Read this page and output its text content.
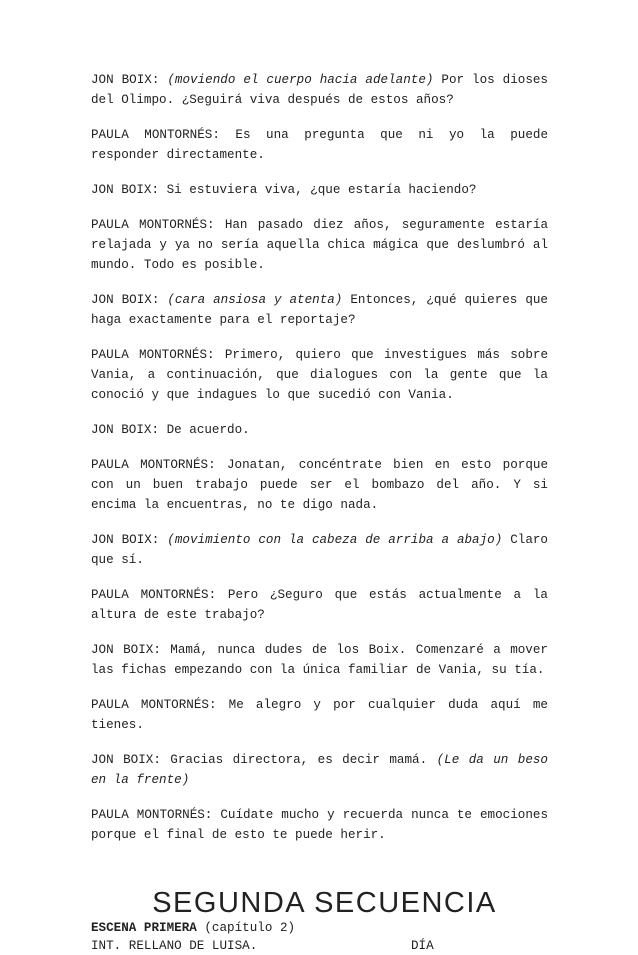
JON BOIX: (moviendo el cuerpo hacia adelante) Por los dioses del Olimpo. ¿Seguirá viva después de estos años?

PAULA MONTORNÉS: Es una pregunta que ni yo la puede responder directamente.

JON BOIX: Si estuviera viva, ¿que estaría haciendo?

PAULA MONTORNÉS: Han pasado diez años, seguramente estaría relajada y ya no sería aquella chica mágica que deslumbró al mundo. Todo es posible.

JON BOIX: (cara ansiosa y atenta) Entonces, ¿qué quieres que haga exactamente para el reportaje?

PAULA MONTORNÉS: Primero, quiero que investigues más sobre Vania, a continuación, que dialogues con la gente que la conoció y que indagues lo que sucedió con Vania.

JON BOIX: De acuerdo.

PAULA MONTORNÉS: Jonatan, concéntrate bien en esto porque con un buen trabajo puede ser el bombazo del año. Y si encima la encuentras, no te digo nada.

JON BOIX: (movimiento con la cabeza de arriba a abajo) Claro que sí.

PAULA MONTORNÉS: Pero ¿Seguro que estás actualmente a la altura de este trabajo?

JON BOIX: Mamá, nunca dudes de los Boix. Comenzaré a mover las fichas empezando con la única familiar de Vania, su tía.

PAULA MONTORNÉS: Me alegro y por cualquier duda aquí me tienes.

JON BOIX: Gracias directora, es decir mamá. (Le da un beso en la frente)

PAULA MONTORNÉS: Cuídate mucho y recuerda nunca te emociones porque el final de esto te puede herir.

SEGUNDA SECUENCIA

ESCENA PRIMERA (capítulo 2)

INT. RELLANO DE LUISA.	DÍA
